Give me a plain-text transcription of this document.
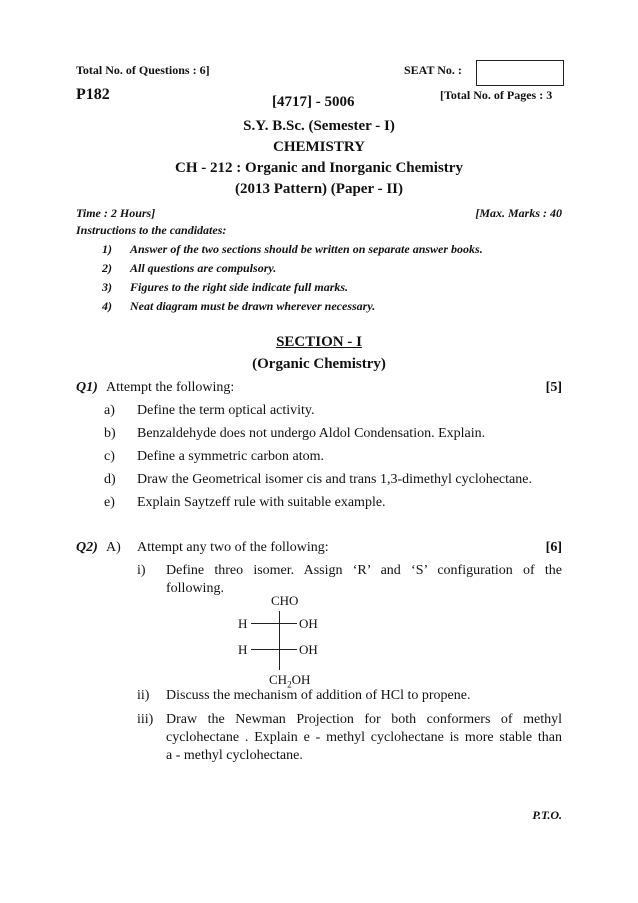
Total No. of Questions : 6]	SEAT No. :
P182	[4717] - 5006	[Total No. of Pages : 3
S.Y. B.Sc. (Semester - I)
CHEMISTRY
CH - 212 : Organic and Inorganic Chemistry
(2013 Pattern) (Paper - II)
Time : 2 Hours]	[Max. Marks : 40
Instructions to the candidates:
1) Answer of the two sections should be written on separate answer books.
2) All questions are compulsory.
3) Figures to the right side indicate full marks.
4) Neat diagram must be drawn wherever necessary.
SECTION - I
(Organic Chemistry)
Q1) Attempt the following:	[5]
a) Define the term optical activity.
b) Benzaldehyde does not undergo Aldol Condensation. Explain.
c) Define a symmetric carbon atom.
d) Draw the Geometrical isomer cis and trans 1,3-dimethyl cyclohectane.
e) Explain Saytzeff rule with suitable example.
Q2) A) Attempt any two of the following:	[6]
i) Define threo isomer. Assign ‘R’ and ‘S’ configuration of the
following.
CHO
H	OH
H	OH
$CH_2OH$
ii) Discuss the mechanism of addition of HCl to propene.
iii) Draw the Newman Projection for both conformers of methyl
cyclohectane . Explain e - methyl cyclohectane is more stable than
a - methyl cyclohectane.
P.T.O.
